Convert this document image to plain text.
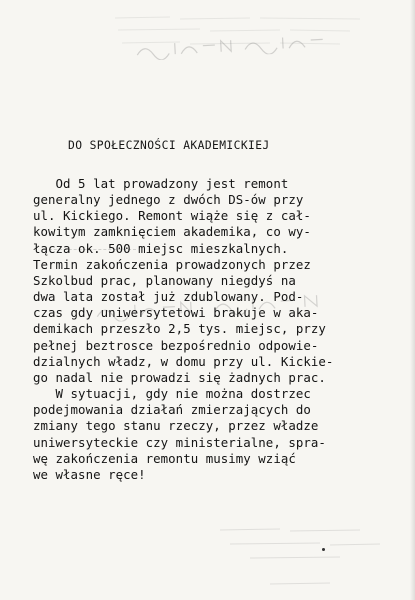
DO SPOŁECZNOŚCI AKADEMICKIEJ
Od 5 lat prowadzony jest remont
generalny jednego z dwóch DS-ów przy
ul. Kickiego. Remont wiąże się z cał-
kowitym zamknięciem akademika, co wy-
łącza ok. 500 miejsc mieszkalnych.
Termin zakończenia prowadzonych przez
Szkolbud prac, planowany niegdyś na
dwa lata został już zdublowany. Pod-
czas gdy uniwersytetowi brakuje w aka-
demikach przeszło 2,5 tys. miejsc, przy
pełnej beztrosce bezpośrednio odpowie-
dzialnych władz, w domu przy ul. Kickie-
go nadal nie prowadzi się żadnych prac.
W sytuacji, gdy nie można dostrzec
podejmowania działań zmierzających do
zmiany tego stanu rzeczy, przez władze
uniwersyteckie czy ministerialne, spra-
wę zakończenia remontu musimy wziąć
we własne ręce!
